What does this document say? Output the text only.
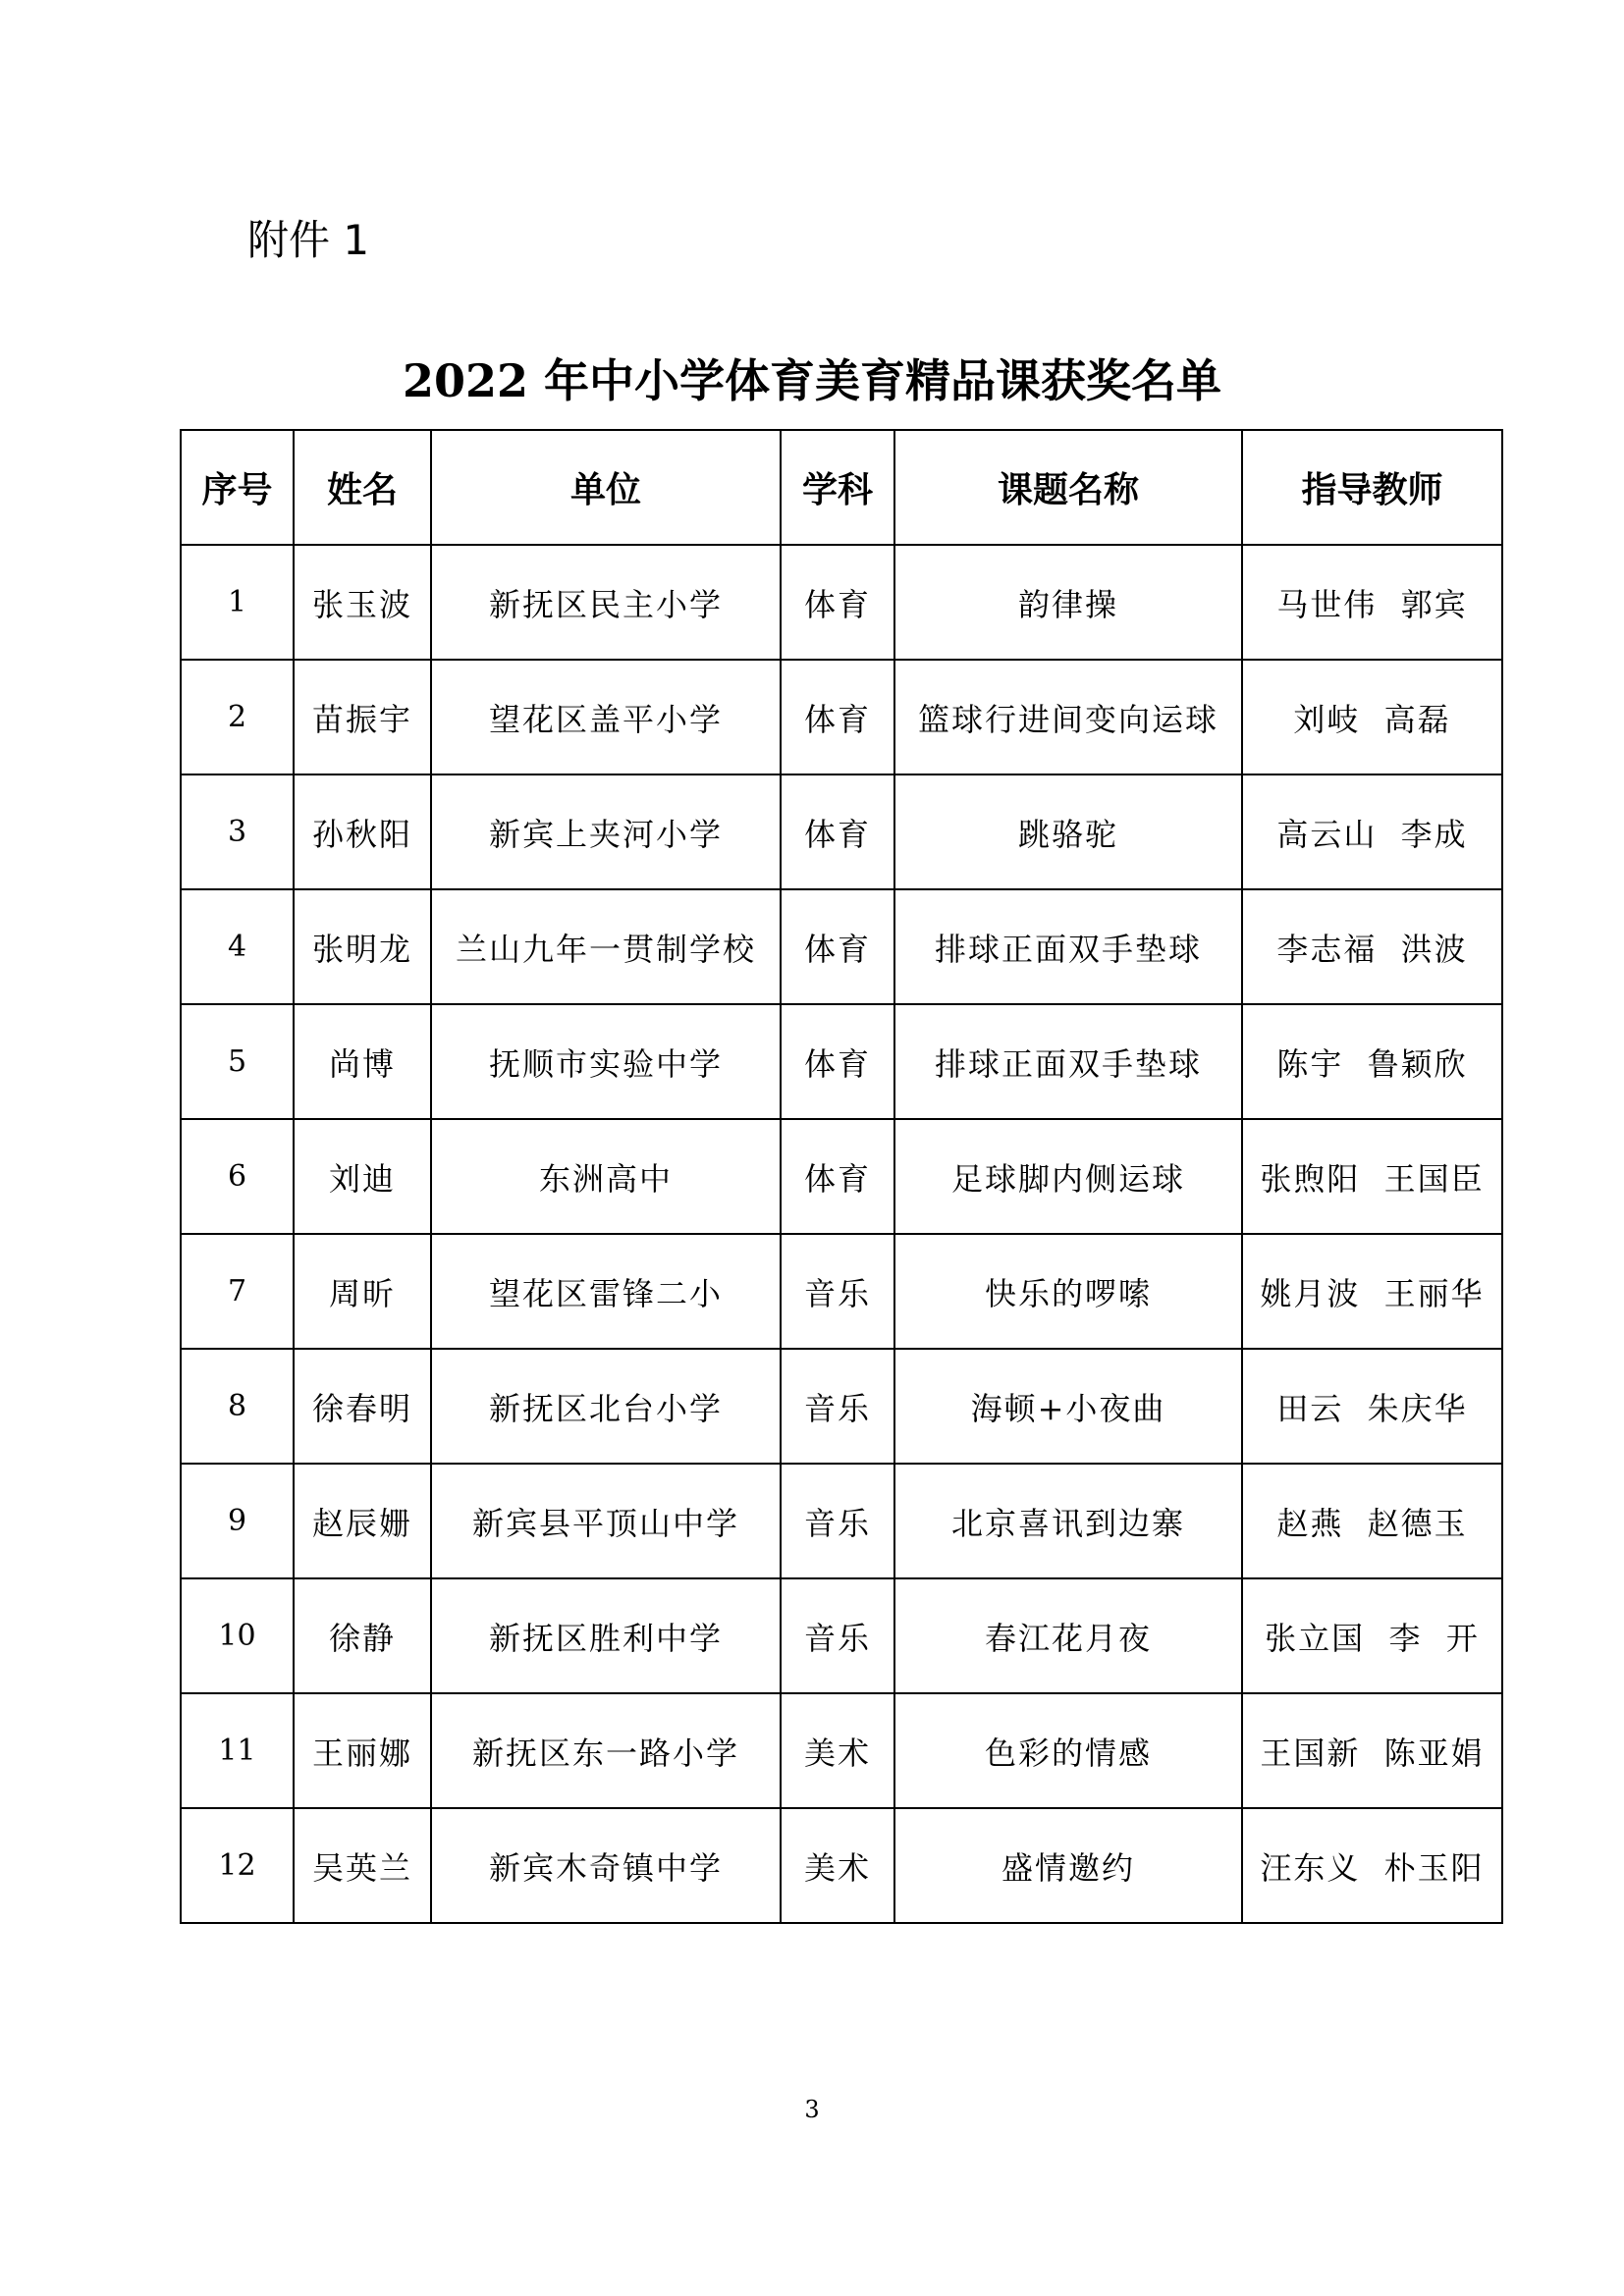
附件 1
2022 年中小学体育美育精品课获奖名单
序号	姓名	单位	学科	课题名称	指导教师
1	张玉波	新抚区民主小学	体育	韵律操	马世伟  郭宾
2	苗振宇	望花区盖平小学	体育	篮球行进间变向运球	刘岐  高磊
3	孙秋阳	新宾上夹河小学	体育	跳骆驼	高云山  李成
4	张明龙	兰山九年一贯制学校	体育	排球正面双手垫球	李志福  洪波
5	尚博	抚顺市实验中学	体育	排球正面双手垫球	陈宇  鲁颖欣
6	刘迪	东洲高中	体育	足球脚内侧运球	张煦阳  王国臣
7	周昕	望花区雷锋二小	音乐	快乐的啰嗦	姚月波  王丽华
8	徐春明	新抚区北台小学	音乐	海顿+小夜曲	田云  朱庆华
9	赵辰姗	新宾县平顶山中学	音乐	北京喜讯到边寨	赵燕  赵德玉
10	徐静	新抚区胜利中学	音乐	春江花月夜	张立国  李  开
11	王丽娜	新抚区东一路小学	美术	色彩的情感	王国新  陈亚娟
12	吴英兰	新宾木奇镇中学	美术	盛情邀约	汪东义  朴玉阳
3
